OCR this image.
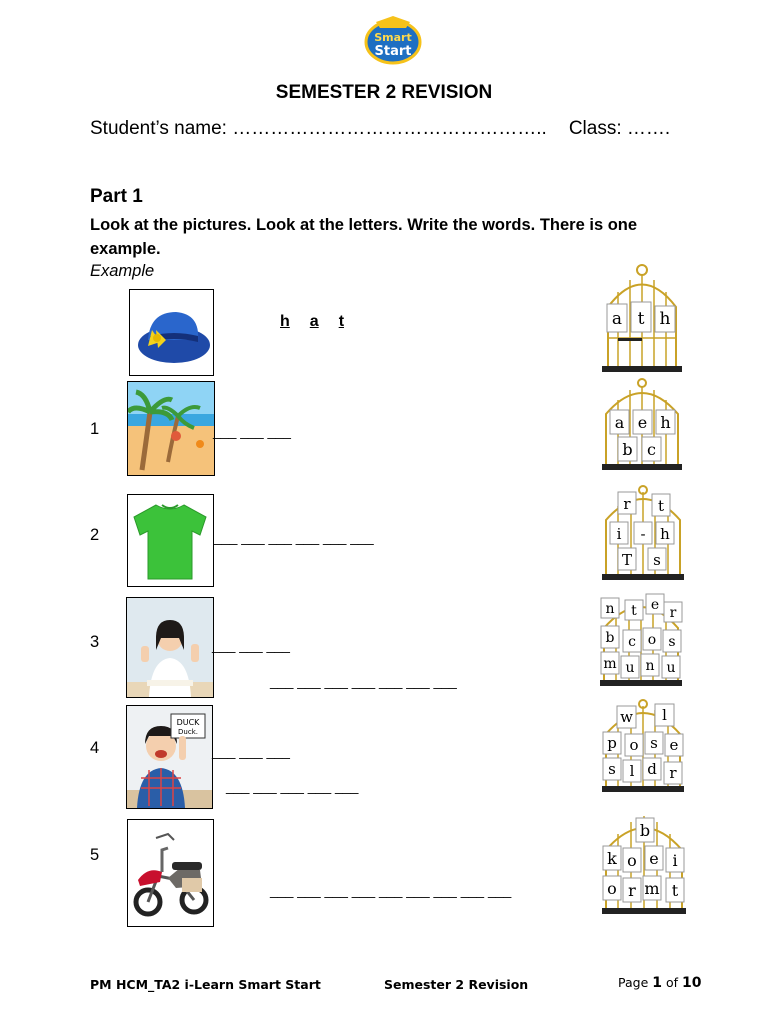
Smart
Start
SEMESTER 2 REVISION
Student’s name: ………………………………………….. Class: …….
Part 1
Look at the pictures. Look at the letters. Write the words. There is one example.
Example
h a t	a t h
1	___ ___ ___	a e h
b c
2	___ ___ ___ ___ ___ ___
r t
i - h
T s
3	___ ___ ___
___ ___ ___ ___ ___ ___ ___
n t e r
b c o s
m u n u
4
DUCK
Duck.
___ ___ ___
___ ___ ___ ___ ___
w l
p o s e
s l d r
5
___ ___ ___ ___ ___ ___ ___ ___ ___
b
k o e i
o r m t
PM HCM_TA2 i-Learn Smart Start	Semester 2 Revision	Page 1 of 10
